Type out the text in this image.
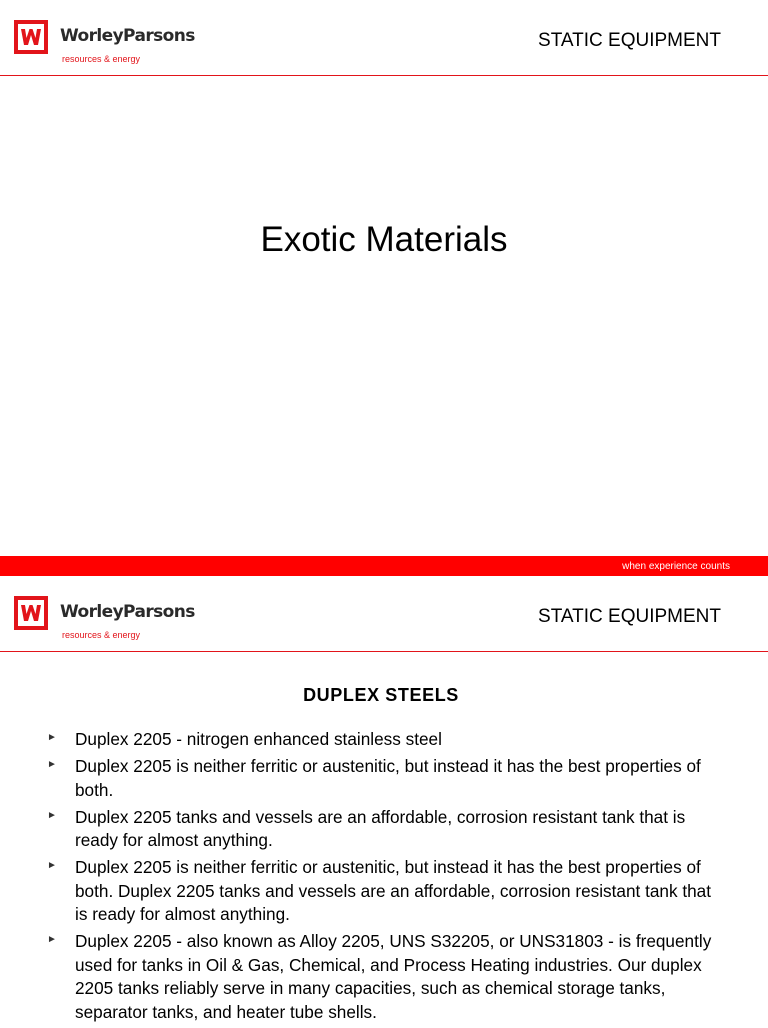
WorleyParsons
resources & energy
STATIC EQUIPMENT
Exotic Materials
when experience counts
WorleyParsons
resources & energy
STATIC EQUIPMENT
DUPLEX STEELS
► Duplex 2205 - nitrogen enhanced stainless steel
► Duplex 2205 is neither ferritic or austenitic, but instead it has the best properties of both.
► Duplex 2205 tanks and vessels are an affordable, corrosion resistant tank that is ready for almost anything.
► Duplex 2205 is neither ferritic or austenitic, but instead it has the best properties of both. Duplex 2205 tanks and vessels are an affordable, corrosion resistant tank that is ready for almost anything.
► Duplex 2205 - also known as Alloy 2205, UNS S32205, or UNS31803 - is frequently used for tanks in Oil & Gas, Chemical, and Process Heating industries. Our duplex 2205 tanks reliably serve in many capacities, such as chemical storage tanks, separator tanks, and heater tube shells.
